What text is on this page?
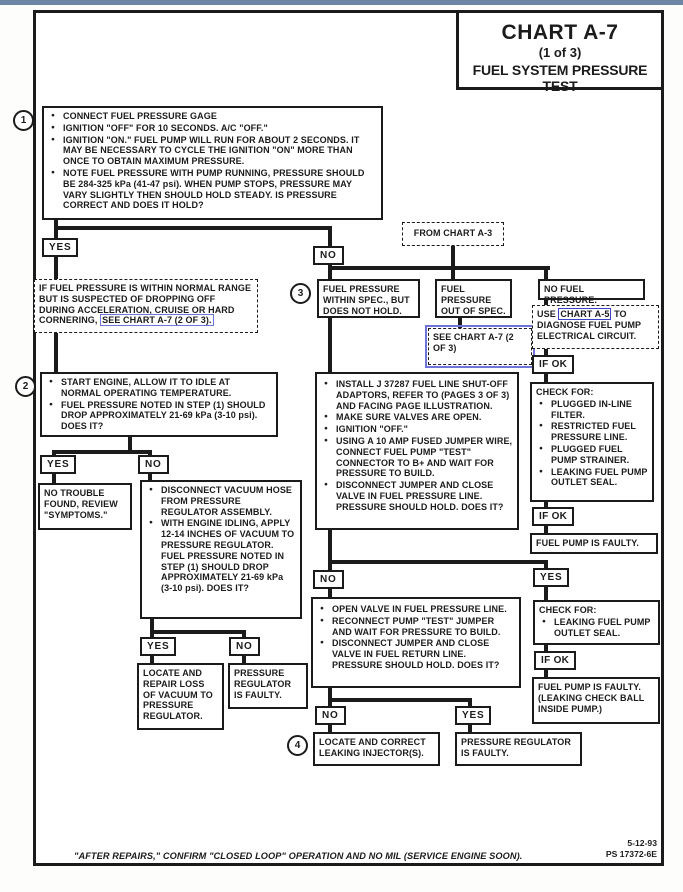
CHART A-7
(1 of 3)
FUEL SYSTEM PRESSURE TEST
1	● CONNECT FUEL PRESSURE GAGE
● IGNITION "OFF" FOR 10 SECONDS. A/C "OFF."
● IGNITION "ON." FUEL PUMP WILL RUN FOR ABOUT 2 SECONDS. IT MAY BE NECESSARY TO CYCLE THE IGNITION "ON" MORE THAN ONCE TO OBTAIN MAXIMUM PRESSURE.
● NOTE FUEL PRESSURE WITH PUMP RUNNING, PRESSURE SHOULD BE 284-325 kPa (41-47 psi). WHEN PUMP STOPS, PRESSURE MAY VARY SLIGHTLY THEN SHOULD HOLD STEADY. IS PRESSURE CORRECT AND DOES IT HOLD?
YES
NO
FROM CHART A-3
IF FUEL PRESSURE IS WITHIN NORMAL RANGE BUT IS SUSPECTED OF DROPPING OFF DURING ACCELERATION, CRUISE OR HARD CORNERING, SEE CHART A-7 (2 OF 3).
2	● START ENGINE, ALLOW IT TO IDLE AT NORMAL OPERATING TEMPERATURE.
● FUEL PRESSURE NOTED IN STEP (1) SHOULD DROP APPROXIMATELY 21-69 kPa (3-10 psi). DOES IT?
YES	NO
NO TROUBLE FOUND, REVIEW "SYMPTOMS."
● DISCONNECT VACUUM HOSE FROM PRESSURE REGULATOR ASSEMBLY.
● WITH ENGINE IDLING, APPLY 12-14 INCHES OF VACUUM TO PRESSURE REGULATOR. FUEL PRESSURE NOTED IN STEP (1) SHOULD DROP APPROXIMATELY 21-69 kPa (3-10 psi). DOES IT?
YES	NO
LOCATE AND REPAIR LOSS OF VACUUM TO PRESSURE REGULATOR.
PRESSURE REGULATOR IS FAULTY.
3	FUEL PRESSURE WITHIN SPEC., BUT DOES NOT HOLD.
FUEL PRESSURE OUT OF SPEC.
SEE CHART A-7 (2 OF 3)
NO FUEL PRESSURE.
USE CHART A-5 TO DIAGNOSE FUEL PUMP ELECTRICAL CIRCUIT.
IF OK
CHECK FOR:
● PLUGGED IN-LINE FILTER.
● RESTRICTED FUEL PRESSURE LINE.
● PLUGGED FUEL PUMP STRAINER.
● LEAKING FUEL PUMP OUTLET SEAL.
IF OK
FUEL PUMP IS FAULTY.
● INSTALL J 37287 FUEL LINE SHUT-OFF ADAPTORS, REFER TO (PAGES 3 OF 3) AND FACING PAGE ILLUSTRATION.
● MAKE SURE VALVES ARE OPEN.
● IGNITION "OFF."
● USING A 10 AMP FUSED JUMPER WIRE, CONNECT FUEL PUMP "TEST" CONNECTOR TO B+ AND WAIT FOR PRESSURE TO BUILD.
● DISCONNECT JUMPER AND CLOSE VALVE IN FUEL PRESSURE LINE. PRESSURE SHOULD HOLD. DOES IT?
NO	YES
● OPEN VALVE IN FUEL PRESSURE LINE.
● RECONNECT PUMP "TEST" JUMPER AND WAIT FOR PRESSURE TO BUILD.
● DISCONNECT JUMPER AND CLOSE VALVE IN FUEL RETURN LINE. PRESSURE SHOULD HOLD. DOES IT?
CHECK FOR:
● LEAKING FUEL PUMP OUTLET SEAL.
IF OK
FUEL PUMP IS FAULTY. (LEAKING CHECK BALL INSIDE PUMP.)
NO	YES
4	LOCATE AND CORRECT LEAKING INJECTOR(S).
PRESSURE REGULATOR IS FAULTY.
"AFTER REPAIRS," CONFIRM "CLOSED LOOP" OPERATION AND NO MIL (SERVICE ENGINE SOON).
5-12-93
PS 17372-6E
